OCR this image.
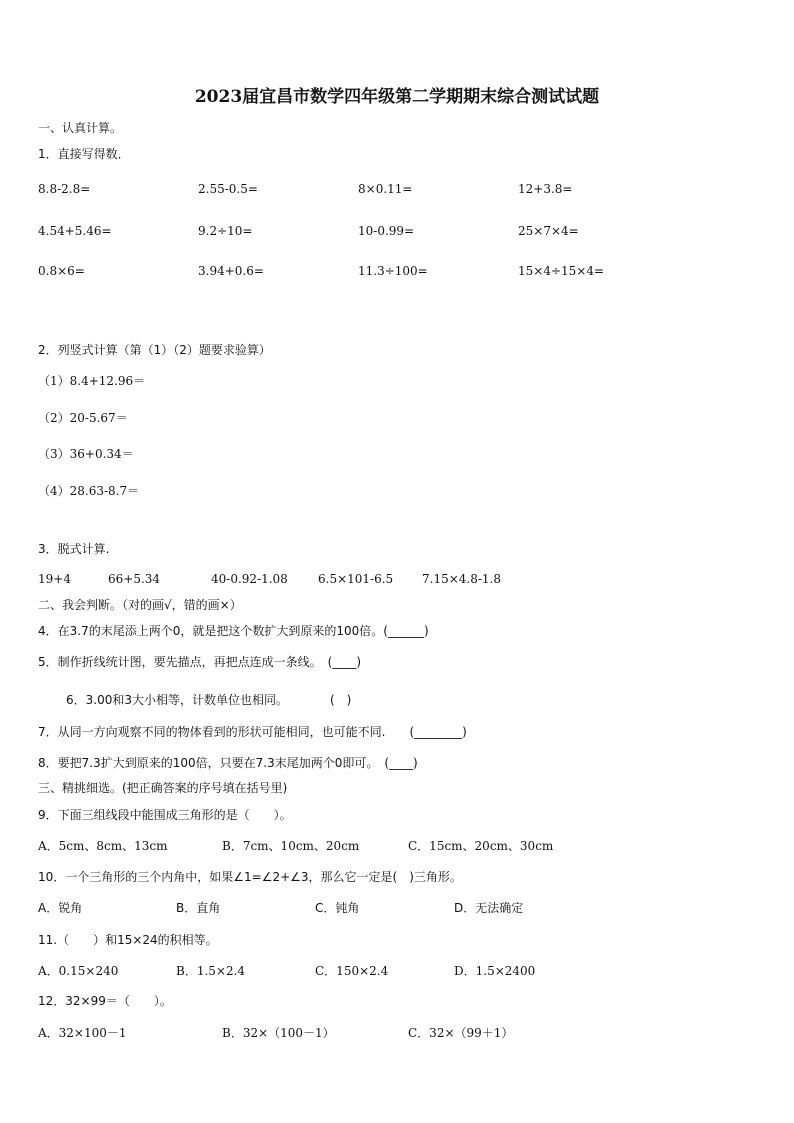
2023届宜昌市数学四年级第二学期期末综合测试试题
一、认真计算。
1．直接写得数．
8.8-2.8=	2.55-0.5=	8×0.11=	12+3.8=
4.54+5.46=	9.2÷10=	10-0.99=	25×7×4=
0.8×6=	3.94+0.6=	11.3÷100=	15×4÷15×4=
2．列竖式计算（第（1）（2）题要求验算）
（1）8.4+12.96＝
（2）20-5.67＝
（3）36+0.34＝
（4）28.63-8.7＝
3．脱式计算.
19+4	66+5.34	40-0.92-1.08	6.5×101-6.5 7.15×4.8-1.8
二、我会判断。（对的画√，错的画×）
4．在3.7的末尾添上两个0，就是把这个数扩大到原来的100倍。(______)
5．制作折线统计图，要先描点，再把点连成一条线。　(____)
6．3.00和3大小相等，计数单位也相同。　　　　(　)
7．从同一方向观察不同的物体看到的形状可能相同，也可能不同.　　(________)
8．要把7.3扩大到原来的100倍，只要在7.3末尾加两个0即可。　(____)
三、精挑细选。(把正确答案的序号填在括号里)
9．下面三组线段中能围成三角形的是（　　）。
A．5cm、8cm、13cm	B．7cm、10cm、20cm	C．15cm、20cm、30cm
10．一个三角形的三个内角中，如果∠1=∠2+∠3，那么它一定是(　)三角形。
A．锐角	B．直角	C．钝角	D．无法确定
11.（　　）和15×24的积相等。
A．0.15×240	B．1.5×2.4	C．150×2.4	D．1.5×2400
12．32×99＝（　　）。
A．32×100－1	B．32×（100－1）	C．32×（99＋1）
